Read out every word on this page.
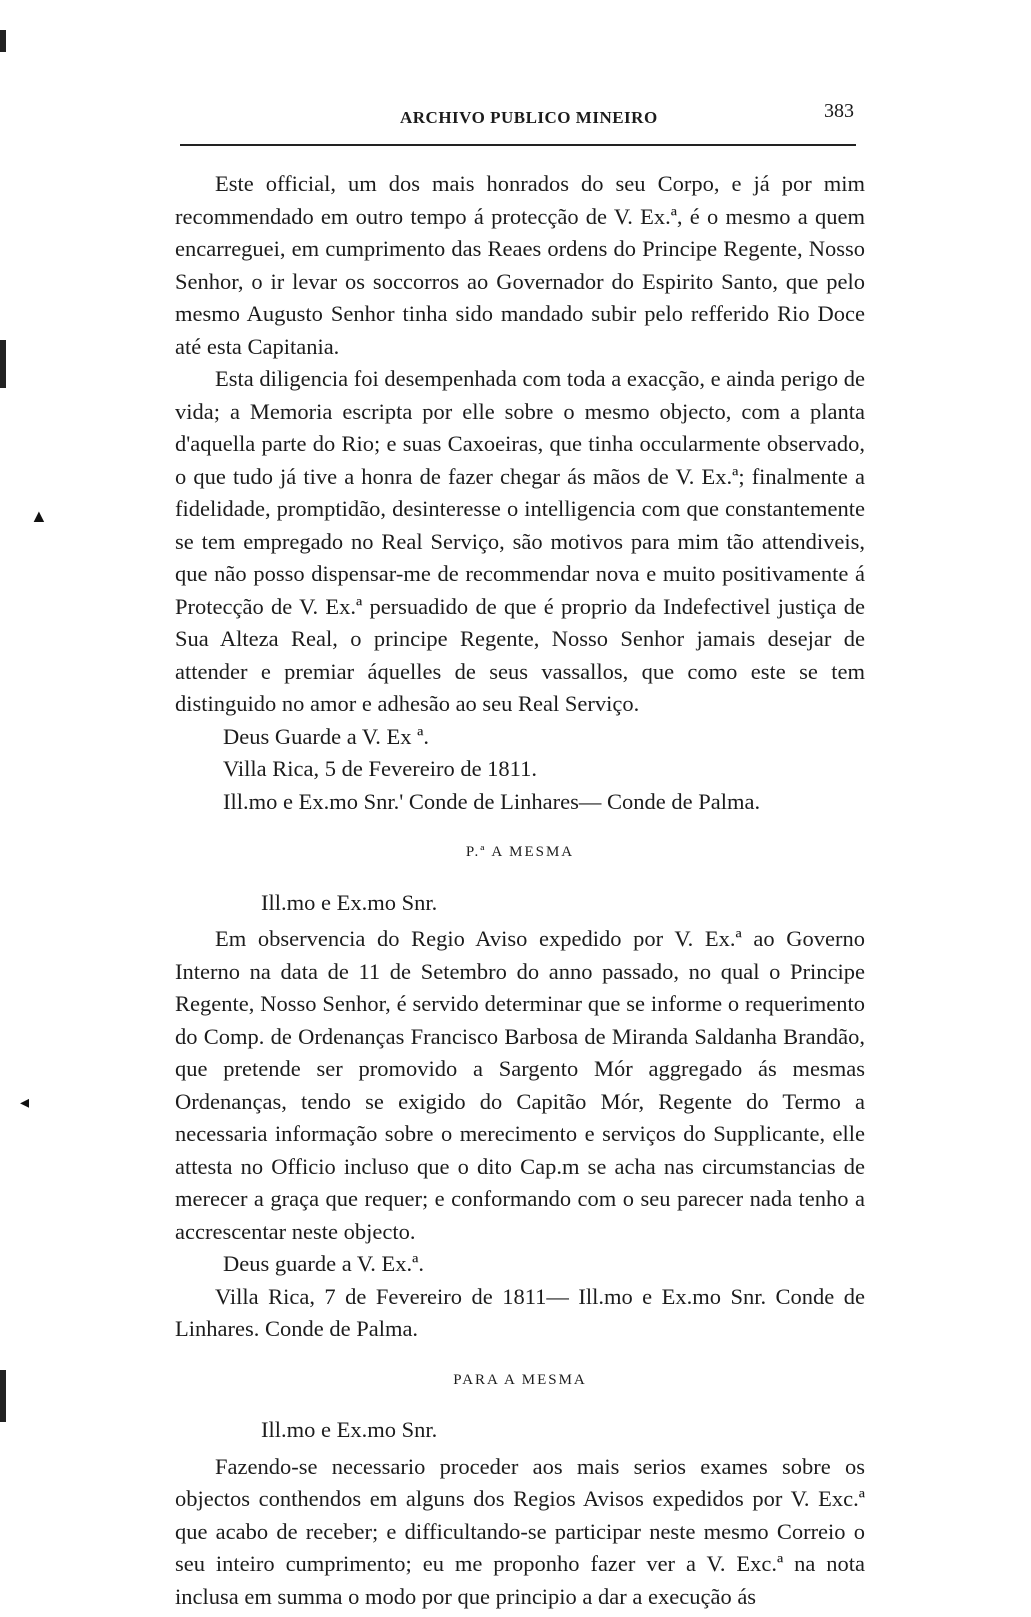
▲
◂
ARCHIVO PUBLICO MINEIRO	383

Este official, um dos mais honrados do seu Corpo, e já por mim recommendado em outro tempo á protecção de V. Ex.ª, é o mesmo a quem encarreguei, em cumprimento das Reaes ordens do Principe Regente, Nosso Senhor, o ir levar os soccorros ao Governador do Espirito Santo, que pelo mesmo Augusto Senhor tinha sido mandado subir pelo refferido Rio Doce até esta Capitania.

Esta diligencia foi desempenhada com toda a exacção, e ainda perigo de vida; a Memoria escripta por elle sobre o mesmo objecto, com a planta d'aquella parte do Rio; e suas Caxoeiras, que tinha occularmente observado, o que tudo já tive a honra de fazer chegar ás mãos de V. Ex.ª; finalmente a fidelidade, promptidão, desinteresse o intelligencia com que constantemente se tem empregado no Real Serviço, são motivos para mim tão attendiveis, que não posso dispensar-me de recommendar nova e muito positivamente á Protecção de V. Ex.ª persuadido de que é proprio da Indefectivel justiça de Sua Alteza Real, o principe Regente, Nosso Senhor jamais desejar de attender e premiar áquelles de seus vassallos, que como este se tem distinguido no amor e adhesão ao seu Real Serviço.

Deus Guarde a V. Ex ª.

Villa Rica, 5 de Fevereiro de 1811.

Ill.mo e Ex.mo Snr.' Conde de Linhares— Conde de Palma.

P.ª A MESMA

Ill.mo e Ex.mo Snr.

Em observencia do Regio Aviso expedido por V. Ex.ª ao Governo Interno na data de 11 de Setembro do anno passado, no qual o Principe Regente, Nosso Senhor, é servido determinar que se informe o requerimento do Comp. de Ordenanças Francisco Barbosa de Miranda Saldanha Brandão, que pretende ser promovido a Sargento Mór aggregado ás mesmas Ordenanças, tendo se exigido do Capitão Mór, Regente do Termo a necessaria informação sobre o merecimento e serviços do Supplicante, elle attesta no Officio incluso que o dito Cap.m se acha nas circumstancias de merecer a graça que requer; e conformando com o seu parecer nada tenho a accrescentar neste objecto.

Deus guarde a V. Ex.ª.

Villa Rica, 7 de Fevereiro de 1811— Ill.mo e Ex.mo Snr. Conde de Linhares. Conde de Palma.

PARA A MESMA

Ill.mo e Ex.mo Snr.

Fazendo-se necessario proceder aos mais serios exames sobre os objectos conthendos em alguns dos Regios Avisos expedidos por V. Exc.ª que acabo de receber; e difficultando-se participar neste mesmo Correio o seu inteiro cumprimento; eu me proponho fazer ver a V. Exc.ª na nota inclusa em summa o modo por que principio a dar a execução ás
